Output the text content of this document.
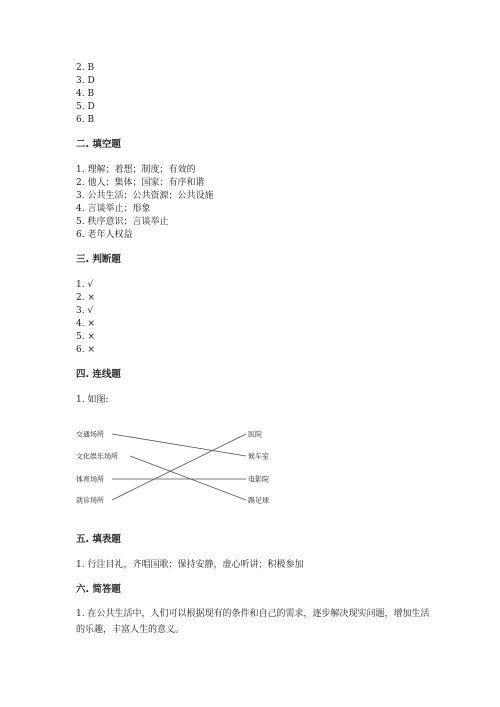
2. B
3. D
4. B
5. D
6. B
二. 填空题
1. 理解；着想；制度；有效的
2. 他人；集体；国家；有序和谐
3. 公共生活；公共资源；公共设施
4. 言谈举止；形象
5. 秩序意识；言谈举止
6. 老年人权益
三. 判断题
1. √
2. ×
3. √
4. ×
5. ×
6. ×
四. 连线题
1. 如图:
交通场所
文化娱乐场所
体育场所
就诊场所
医院
候车室
电影院
踢足球
五. 填表题
1. 行注目礼，齐唱国歌；保持安静，虚心听讲；积极参加
六. 简答题
1. 在公共生活中，人们可以根据现有的条件和自己的需求，逐步解决现实问题，增加生活的乐趣，丰富人生的意义。
